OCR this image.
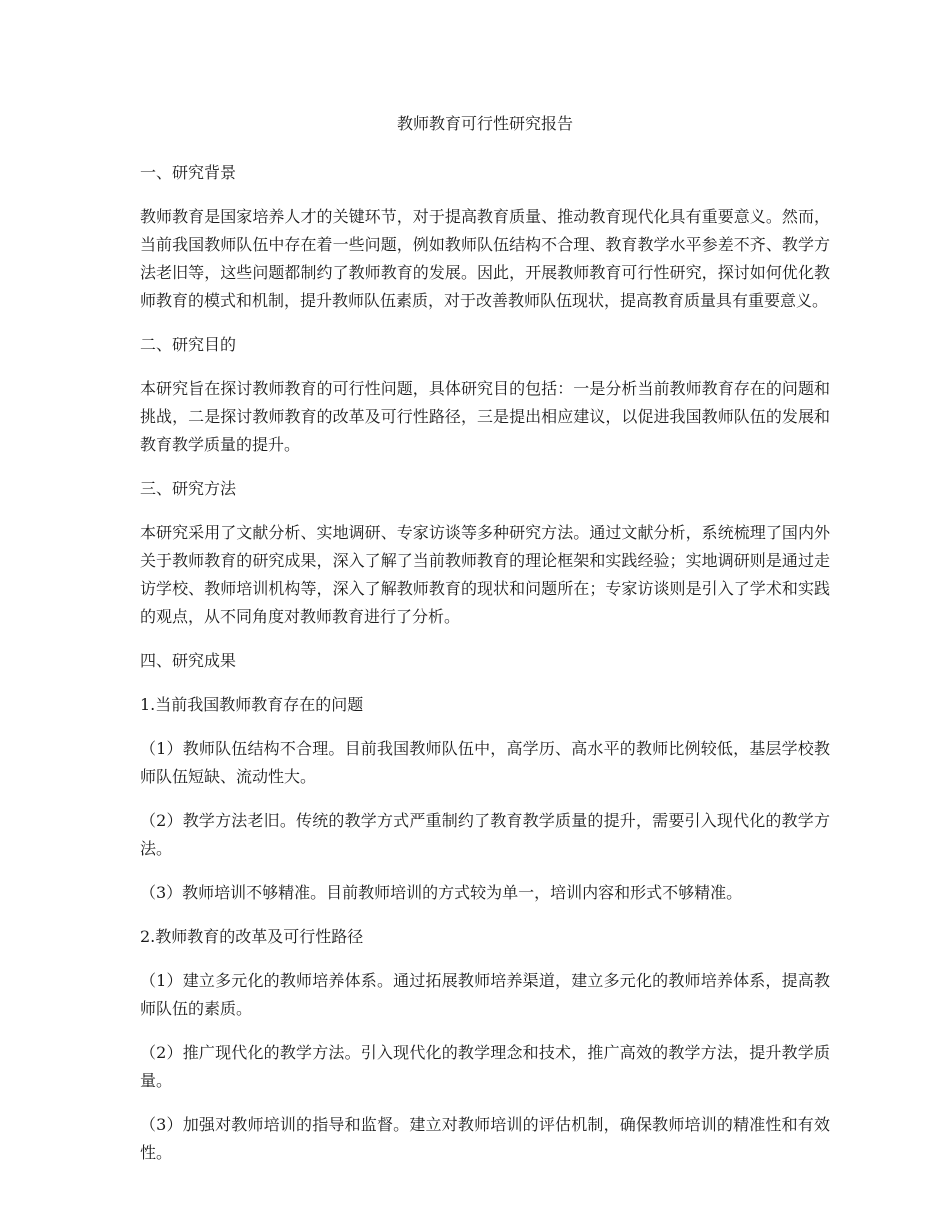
教师教育可行性研究报告

一、研究背景

教师教育是国家培养人才的关键环节，对于提高教育质量、推动教育现代化具有重要意义。然而，当前我国教师队伍中存在着一些问题，例如教师队伍结构不合理、教育教学水平参差不齐、教学方法老旧等，这些问题都制约了教师教育的发展。因此，开展教师教育可行性研究，探讨如何优化教师教育的模式和机制，提升教师队伍素质，对于改善教师队伍现状，提高教育质量具有重要意义。

二、研究目的

本研究旨在探讨教师教育的可行性问题，具体研究目的包括：一是分析当前教师教育存在的问题和挑战，二是探讨教师教育的改革及可行性路径，三是提出相应建议，以促进我国教师队伍的发展和教育教学质量的提升。

三、研究方法

本研究采用了文献分析、实地调研、专家访谈等多种研究方法。通过文献分析，系统梳理了国内外关于教师教育的研究成果，深入了解了当前教师教育的理论框架和实践经验；实地调研则是通过走访学校、教师培训机构等，深入了解教师教育的现状和问题所在；专家访谈则是引入了学术和实践的观点，从不同角度对教师教育进行了分析。

四、研究成果

1.当前我国教师教育存在的问题

（1）教师队伍结构不合理。目前我国教师队伍中，高学历、高水平的教师比例较低，基层学校教师队伍短缺、流动性大。

（2）教学方法老旧。传统的教学方式严重制约了教育教学质量的提升，需要引入现代化的教学方法。

（3）教师培训不够精准。目前教师培训的方式较为单一，培训内容和形式不够精准。

2.教师教育的改革及可行性路径

（1）建立多元化的教师培养体系。通过拓展教师培养渠道，建立多元化的教师培养体系，提高教师队伍的素质。

（2）推广现代化的教学方法。引入现代化的教学理念和技术，推广高效的教学方法，提升教学质量。

（3）加强对教师培训的指导和监督。建立对教师培训的评估机制，确保教师培训的精准性和有效性。
